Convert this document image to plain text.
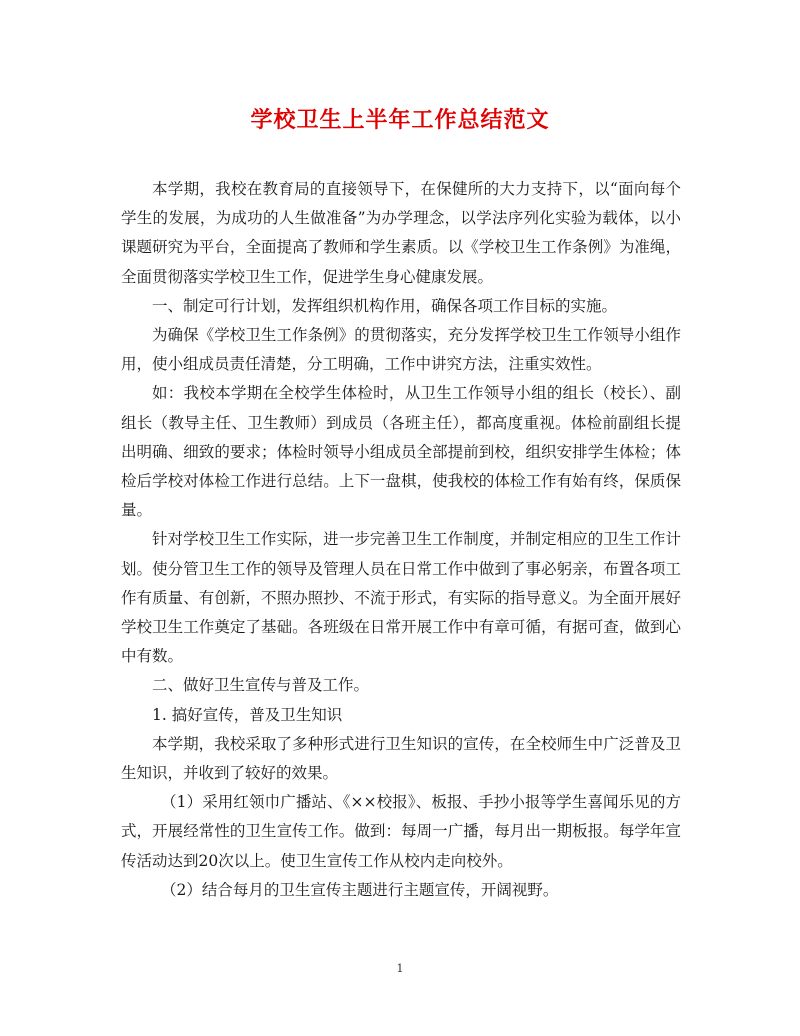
学校卫生上半年工作总结范文

本学期，我校在教育局的直接领导下，在保健所的大力支持下，以“面向每个学生的发展，为成功的人生做准备”为办学理念，以学法序列化实验为载体，以小课题研究为平台，全面提高了教师和学生素质。以《学校卫生工作条例》为准绳，全面贯彻落实学校卫生工作，促进学生身心健康发展。

一、制定可行计划，发挥组织机构作用，确保各项工作目标的实施。

为确保《学校卫生工作条例》的贯彻落实，充分发挥学校卫生工作领导小组作用，使小组成员责任清楚，分工明确，工作中讲究方法，注重实效性。

如：我校本学期在全校学生体检时，从卫生工作领导小组的组长（校长）、副组长（教导主任、卫生教师）到成员（各班主任），都高度重视。体检前副组长提出明确、细致的要求；体检时领导小组成员全部提前到校，组织安排学生体检；体检后学校对体检工作进行总结。上下一盘棋，使我校的体检工作有始有终，保质保量。

针对学校卫生工作实际，进一步完善卫生工作制度，并制定相应的卫生工作计划。使分管卫生工作的领导及管理人员在日常工作中做到了事必躬亲，布置各项工作有质量、有创新，不照办照抄、不流于形式，有实际的指导意义。为全面开展好学校卫生工作奠定了基础。各班级在日常开展工作中有章可循，有据可查，做到心中有数。

二、做好卫生宣传与普及工作。

1. 搞好宣传，普及卫生知识

本学期，我校采取了多种形式进行卫生知识的宣传，在全校师生中广泛普及卫生知识，并收到了较好的效果。

（1）采用红领巾广播站、《××校报》、板报、手抄小报等学生喜闻乐见的方式，开展经常性的卫生宣传工作。做到：每周一广播，每月出一期板报。每学年宣传活动达到20次以上。使卫生宣传工作从校内走向校外。

（2）结合每月的卫生宣传主题进行主题宣传，开阔视野。

1
